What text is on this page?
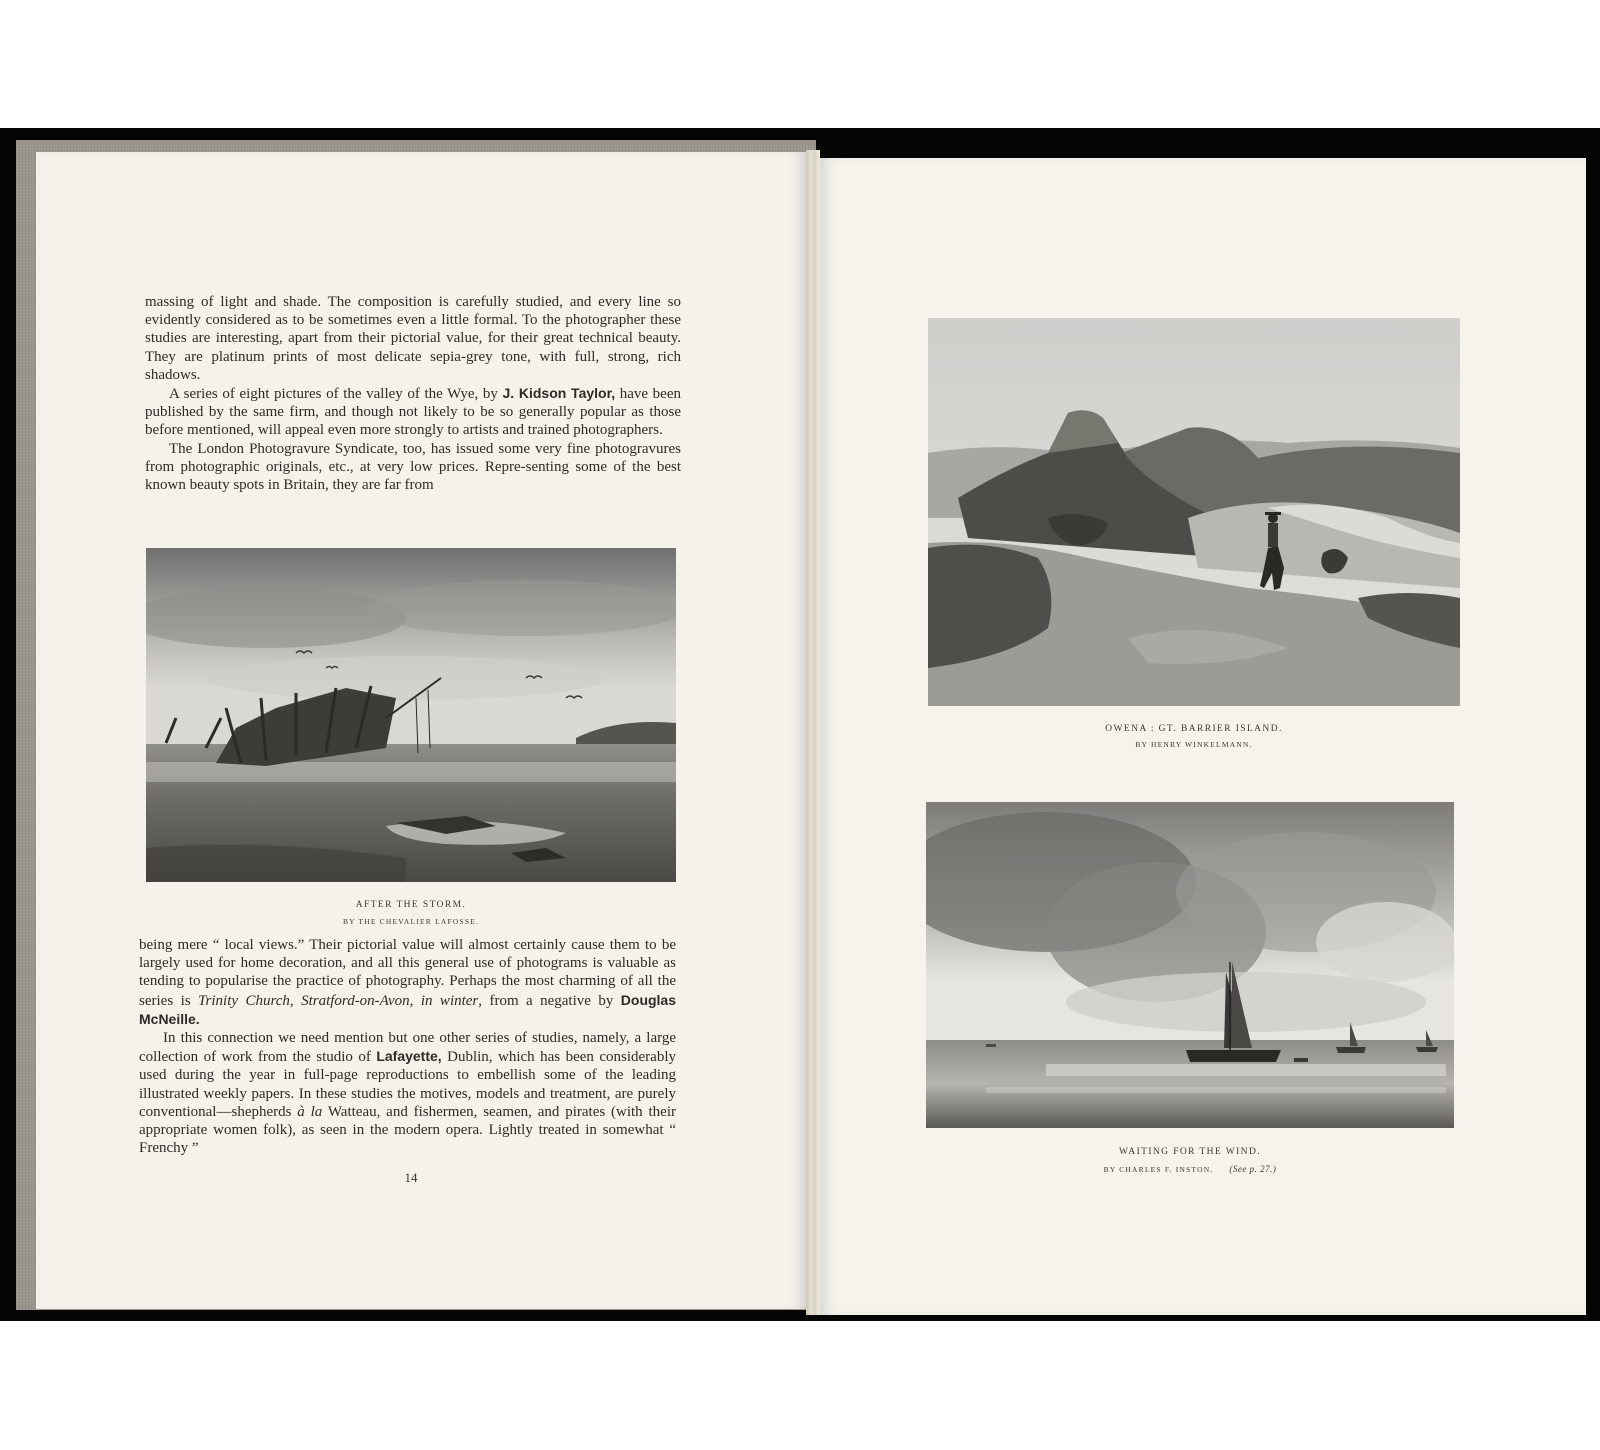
massing of light and shade. The composition is carefully studied, and every line so evidently considered as to be sometimes even a little formal. To the photographer these studies are interesting, apart from their pictorial value, for their great technical beauty. They are platinum prints of most delicate sepia-grey tone, with full, strong, rich shadows.

A series of eight pictures of the valley of the Wye, by J. Kidson Taylor, have been published by the same firm, and though not likely to be so generally popular as those before mentioned, will appeal even more strongly to artists and trained photographers.

The London Photogravure Syndicate, too, has issued some very fine photogravures from photographic originals, etc., at very low prices. Repre-senting some of the best known beauty spots in Britain, they are far from

AFTER THE STORM.
BY THE CHEVALIER LAFOSSE.

being mere “ local views.” Their pictorial value will almost certainly cause them to be largely used for home decoration, and all this general use of photograms is valuable as tending to popularise the practice of photography. Perhaps the most charming of all the series is Trinity Church, Stratford-on-Avon, in winter, from a negative by Douglas McNeille.

In this connection we need mention but one other series of studies, namely, a large collection of work from the studio of Lafayette, Dublin, which has been considerably used during the year in full-page reproductions to embellish some of the leading illustrated weekly papers. In these studies the motives, models and treatment, are purely conventional—shepherds à la Watteau, and fishermen, seamen, and pirates (with their appropriate women folk), as seen in the modern opera. Lightly treated in somewhat “ Frenchy ”

14
OWENA : GT. BARRIER ISLAND.
BY HENRY WINKELMANN.
WAITING FOR THE WIND.
BY CHARLES F. INSTON. (See p. 27.)
